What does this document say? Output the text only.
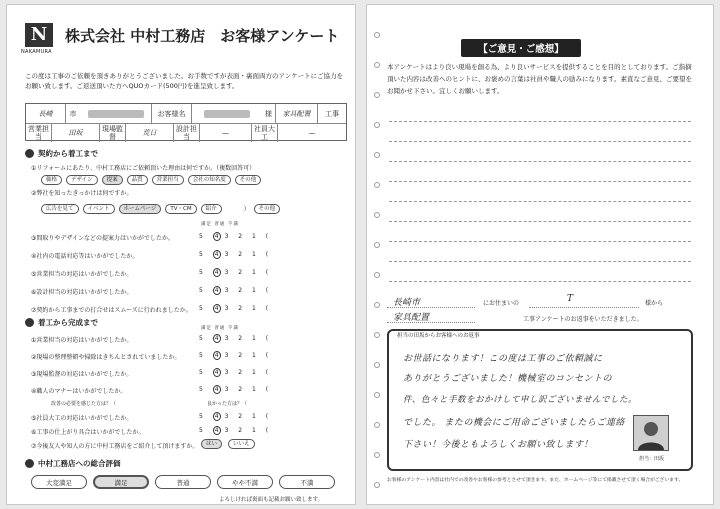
N
NAKAMURA
株式会社 中村工務店　お客様アンケート
この度は工事のご依頼を頂きありがとうございました。お手数ですが表面・裏面両方のアンケートにご協力をお願い致します。ご返送頂いた方へQUOカード(500円)を進呈致します。
長崎	市	お客様名	様	家具配置	工事
営業担当	田坂	現場監督	荒日	設計担当	—	社員大工	—
契約から着工まで
①リフォームにあたり、中村工務店にご依頼頂いた理由は何ですか。（複数回答可）
価格	デザイン	提案	品質	営業担当	会社の知名度	その他
②弊社を知ったきっかけは何ですか。
広告を見て	イベント	ホームページ	TV・CM	紹介	）	その他
満足 普通 不満
③間取りやデザインなどの提案力はいかがでしたか。	5 4 3 2 1 (
④社内の電話対応等はいかがでしたか。	5 4 3 2 1 (
⑤営業担当の対応はいかがでしたか。	5 4 3 2 1 (
⑥設計担当の対応はいかがでしたか。	5 4 3 2 1 (
⑦契約から工事までの打合せはスムーズに行われましたか。 5 4 3 2 1 (
着工から完成まで
満足 普通 不満
①営業担当の対応はいかがでしたか。	5 4 3 2 1 (
②現場の整理整頓や掃除はきちんとされていましたか。	5 4 3 2 1 (
③現場監督の対応はいかがでしたか。	5 4 3 2 1 (
④職人のマナーはいかがでしたか。	5 4 3 2 1 (
改善の必要を感じた方は？（	良かった方は？（
⑤社員大工の対応はいかがでしたか。	5 4 3 2 1 (
⑥工事の仕上がり具合はいかがでしたか。	5 4 3 2 1 (
⑦今後友人や知人の方に中村工務店をご紹介して頂けますか。	はい	いいえ
中村工務店への総合評価
大変満足	満足	普通	やや不満	不満
よろしければ裏面も記載お願い致します。
【ご意見・ご感想】
本アンケートはより良い現場を創る為、より良いサービスを提供することを目的としております。ご指摘頂いた内容は改善へのヒントに、お褒めの言葉は社員や職人の励みになります。素直なご意見、ご要望をお聞かせ下さい。宜しくお願いします。
長崎市	にお住まいの	T	様から
家具配置	工事アンケートのお返事をいただきました。
担当の田坂からお客様へのお返事
お世話になります！この度は工事のご依頼誠に
ありがとうございました！機械室のコンセントの
件、色々と手数をおかけして申し訳ございませんでした。
でした。 またの機会にご用命ございましたらご連絡
下さい！今後ともよろしくお願い致します！
担当：田坂
お客様のアンケート内容は社内での改善やお客様の参考とさせて頂きます。また、ホームページ等にて掲載させて頂く場合がございます。
